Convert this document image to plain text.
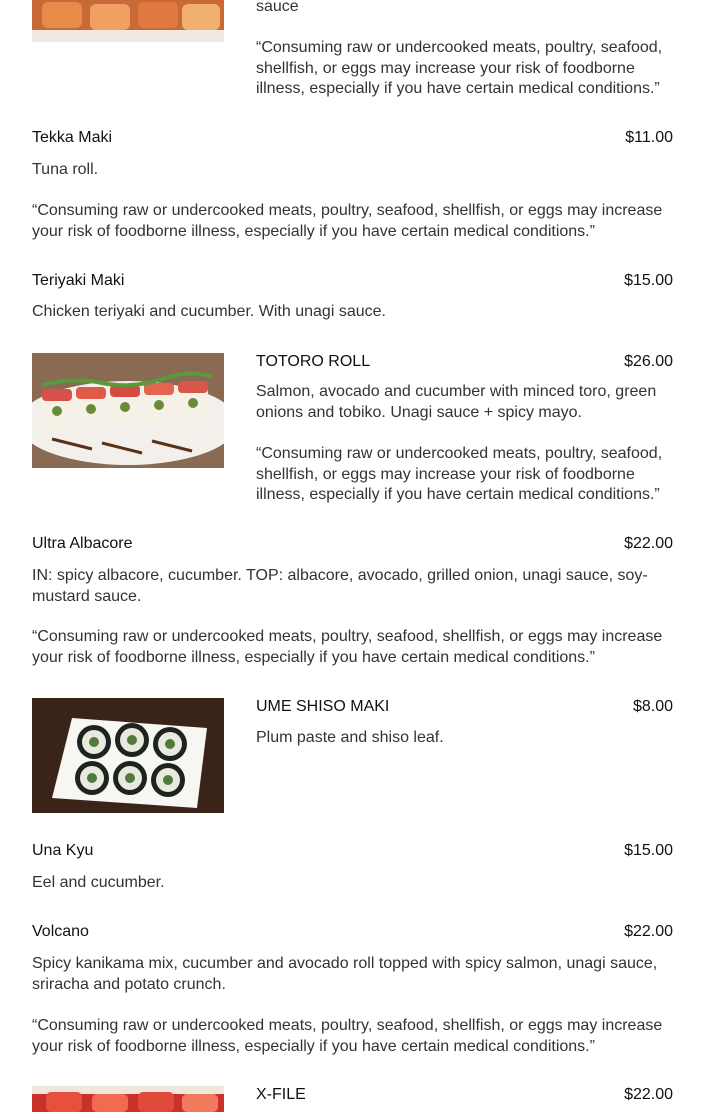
sauce
“Consuming raw or undercooked meats, poultry, seafood, shellfish, or eggs may increase your risk of foodborne illness, especially if you have certain medical conditions.”
Tekka Maki	$11.00
Tuna roll.
“Consuming raw or undercooked meats, poultry, seafood, shellfish, or eggs may increase your risk of foodborne illness, especially if you have certain medical conditions.”
Teriyaki Maki	$15.00
Chicken teriyaki and cucumber. With unagi sauce.
TOTORO ROLL	$26.00
Salmon, avocado and cucumber with minced toro, green onions and tobiko. Unagi sauce + spicy mayo.
“Consuming raw or undercooked meats, poultry, seafood, shellfish, or eggs may increase your risk of foodborne illness, especially if you have certain medical conditions.”
Ultra Albacore	$22.00
IN: spicy albacore, cucumber. TOP: albacore, avocado, grilled onion, unagi sauce, soy-mustard sauce.
“Consuming raw or undercooked meats, poultry, seafood, shellfish, or eggs may increase your risk of foodborne illness, especially if you have certain medical conditions.”
UME SHISO MAKI	$8.00
Plum paste and shiso leaf.
Una Kyu	$15.00
Eel and cucumber.
Volcano	$22.00
Spicy kanikama mix, cucumber and avocado roll topped with spicy salmon, unagi sauce, sriracha and potato crunch.
“Consuming raw or undercooked meats, poultry, seafood, shellfish, or eggs may increase your risk of foodborne illness, especially if you have certain medical conditions.”
X-FILE	$22.00
